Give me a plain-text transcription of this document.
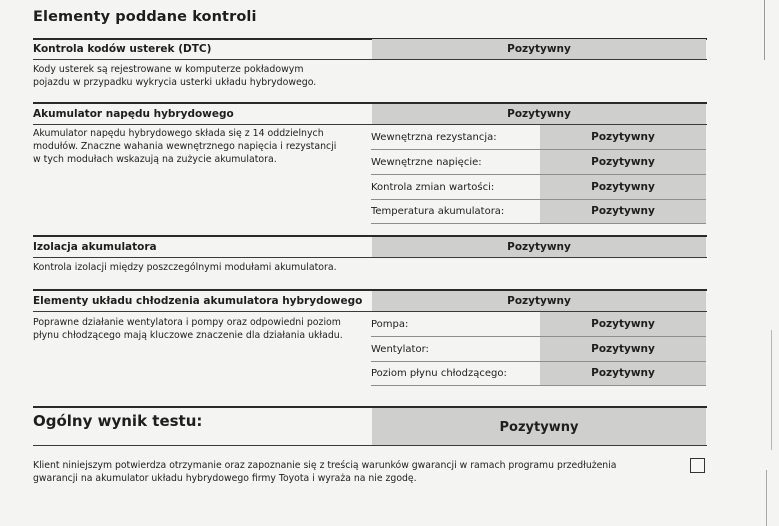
Elementy poddane kontroli
Kontrola kodów usterek (DTC)	Pozytywny
Kody usterek są rejestrowane w komputerze pokładowym
pojazdu w przypadku wykrycia usterki układu hybrydowego.
Akumulator napędu hybrydowego	Pozytywny
Akumulator napędu hybrydowego składa się z 14 oddzielnych
modułów. Znaczne wahania wewnętrznego napięcia i rezystancji
w tych modułach wskazują na zużycie akumulatora.
Wewnętrzna rezystancja:	Pozytywny
Wewnętrzne napięcie:	Pozytywny
Kontrola zmian wartości:	Pozytywny
Temperatura akumulatora:	Pozytywny
Izolacja akumulatora	Pozytywny
Kontrola izolacji między poszczególnymi modułami akumulatora.
Elementy układu chłodzenia akumulatora hybrydowego	Pozytywny
Poprawne działanie wentylatora i pompy oraz odpowiedni poziom
płynu chłodzącego mają kluczowe znaczenie dla działania układu.
Pompa:	Pozytywny
Wentylator:	Pozytywny
Poziom płynu chłodzącego:	Pozytywny
Ogólny wynik testu:	Pozytywny
Klient niniejszym potwierdza otrzymanie oraz zapoznanie się z treścią warunków gwarancji w ramach programu przedłużenia
gwarancji na akumulator układu hybrydowego firmy Toyota i wyraża na nie zgodę.
